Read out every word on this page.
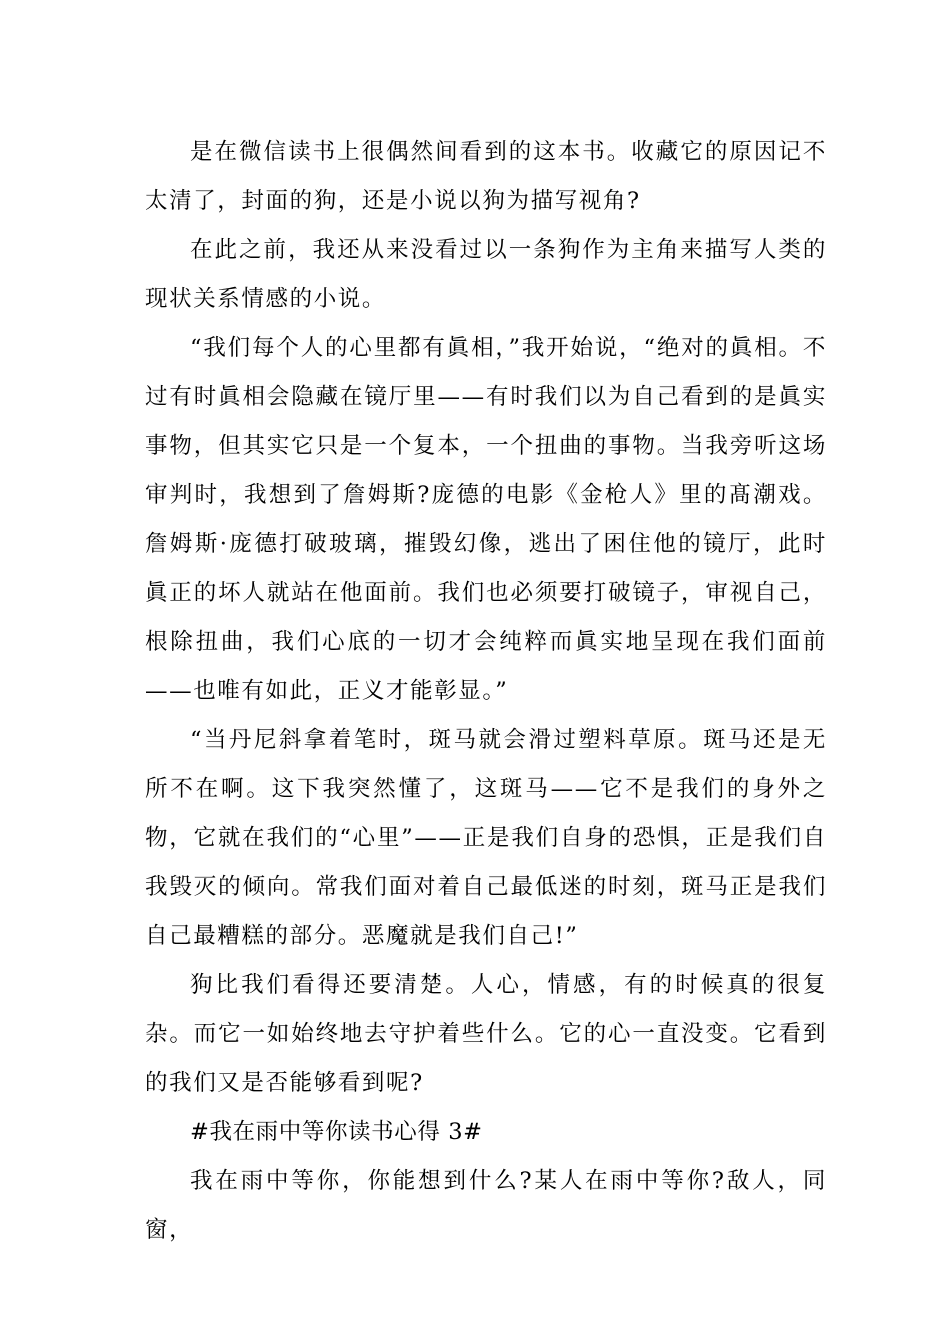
是在微信读书上很偶然间看到的这本书。收藏它的原因记不太清了，封面的狗，还是小说以狗为描写视角?

在此之前，我还从来没看过以一条狗作为主角来描写人类的现状关系情感的小说。

“我们每个人的心里都有眞相，”我开始说，“绝对的眞相。不过有时眞相会隐藏在镜厅里——有时我们以为自己看到的是眞实事物，但其实它只是一个复本，一个扭曲的事物。当我旁听这场审判时，我想到了詹姆斯?庞德的电影《金枪人》里的髙潮戏。詹姆斯·庞德打破玻璃，摧毁幻像，逃出了困住他的镜厅，此时眞正的坏人就站在他面前。我们也必须要打破镜子，审视自己，根除扭曲，我们心底的一切才会纯粹而眞实地呈现在我们面前——也唯有如此，正义才能彰显。”

“当丹尼斜拿着笔时，斑马就会滑过塑料草原。斑马还是无所不在啊。这下我突然懂了，这斑马——它不是我们的身外之物，它就在我们的“心里”——正是我们自身的恐惧，正是我们自我毁灭的倾向。常我们面对着自己最低迷的时刻，斑马正是我们自己最糟糕的部分。恶魔就是我们自己!”

狗比我们看得还要清楚。人心，情感，有的时候真的很复杂。而它一如始终地去守护着些什么。它的心一直没变。它看到的我们又是否能够看到呢?

#我在雨中等你读书心得 3#

我在雨中等你，你能想到什么?某人在雨中等你?敌人，同窗，
